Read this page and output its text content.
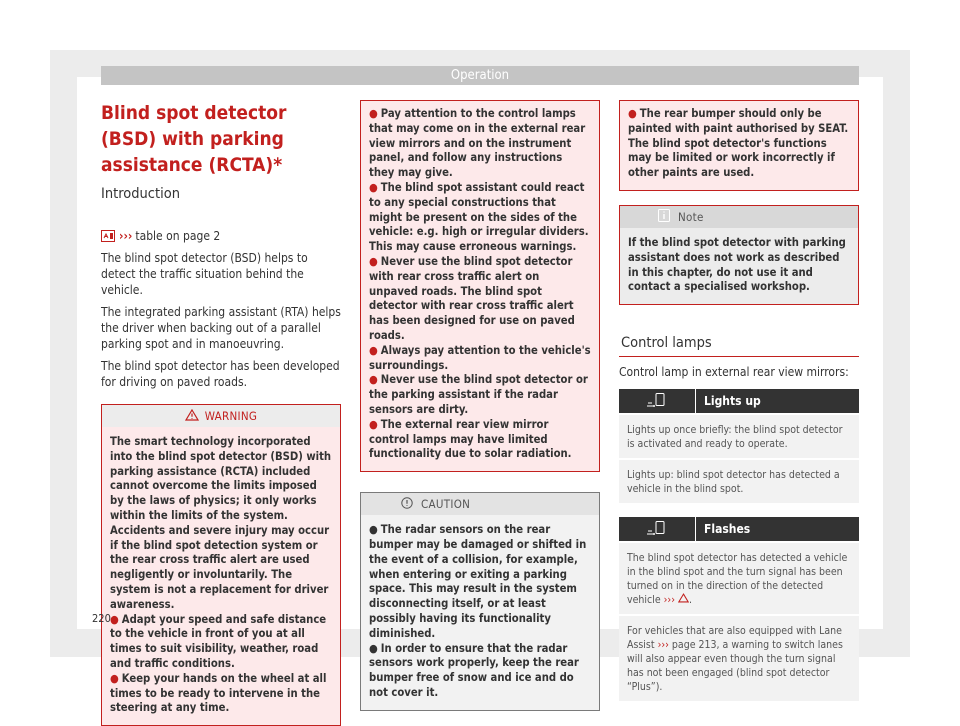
Operation
Blind spot detector (BSD) with parking assistance (RCTA)*
Introduction
››› table on page 2

The blind spot detector (BSD) helps to detect the traffic situation behind the vehicle.

The integrated parking assistant (RTA) helps the driver when backing out of a parallel parking spot and in manoeuvring.

The blind spot detector has been developed for driving on paved roads.

WARNING

The smart technology incorporated into the blind spot detector (BSD) with parking assistance (RCTA) included cannot overcome the limits imposed by the laws of physics; it only works within the limits of the system. Accidents and severe injury may occur if the blind spot detection system or the rear cross traffic alert are used negligently or involuntarily. The system is not a replacement for driver awareness.

● Adapt your speed and safe distance to the vehicle in front of you at all times to suit visibility, weather, road and traffic conditions.

● Keep your hands on the wheel at all times to be ready to intervene in the steering at any time.

● Pay attention to the control lamps that may come on in the external rear view mirrors and on the instrument panel, and follow any instructions they may give.

● The blind spot assistant could react to any special constructions that might be present on the sides of the vehicle: e.g. high or irregular dividers. This may cause erroneous warnings.

● Never use the blind spot detector with rear cross traffic alert on unpaved roads. The blind spot detector with rear cross traffic alert has been designed for use on paved roads.

● Always pay attention to the vehicle's surroundings.

● Never use the blind spot detector or the parking assistant if the radar sensors are dirty.

● The external rear view mirror control lamps may have limited functionality due to solar radiation.

CAUTION

● The radar sensors on the rear bumper may be damaged or shifted in the event of a collision, for example, when entering or exiting a parking space. This may result in the system disconnecting itself, or at least possibly having its functionality diminished.

● In order to ensure that the radar sensors work properly, keep the rear bumper free of snow and ice and do not cover it.

● The rear bumper should only be painted with paint authorised by SEAT. The blind spot detector's functions may be limited or work incorrectly if other paints are used.

Note

If the blind spot detector with parking assistant does not work as described in this chapter, do not use it and contact a specialised workshop.

Control lamps
Control lamp in external rear view mirrors:
Lights up
Lights up once briefly: the blind spot detector is activated and ready to operate.
Lights up: blind spot detector has detected a vehicle in the blind spot.
Flashes
The blind spot detector has detected a vehicle in the blind spot and the turn signal has been turned on in the direction of the detected vehicle ››› .
For vehicles that are also equipped with Lane Assist ››› page 213, a warning to switch lanes will also appear even though the turn signal has not been engaged (blind spot detector “Plus”).
220
